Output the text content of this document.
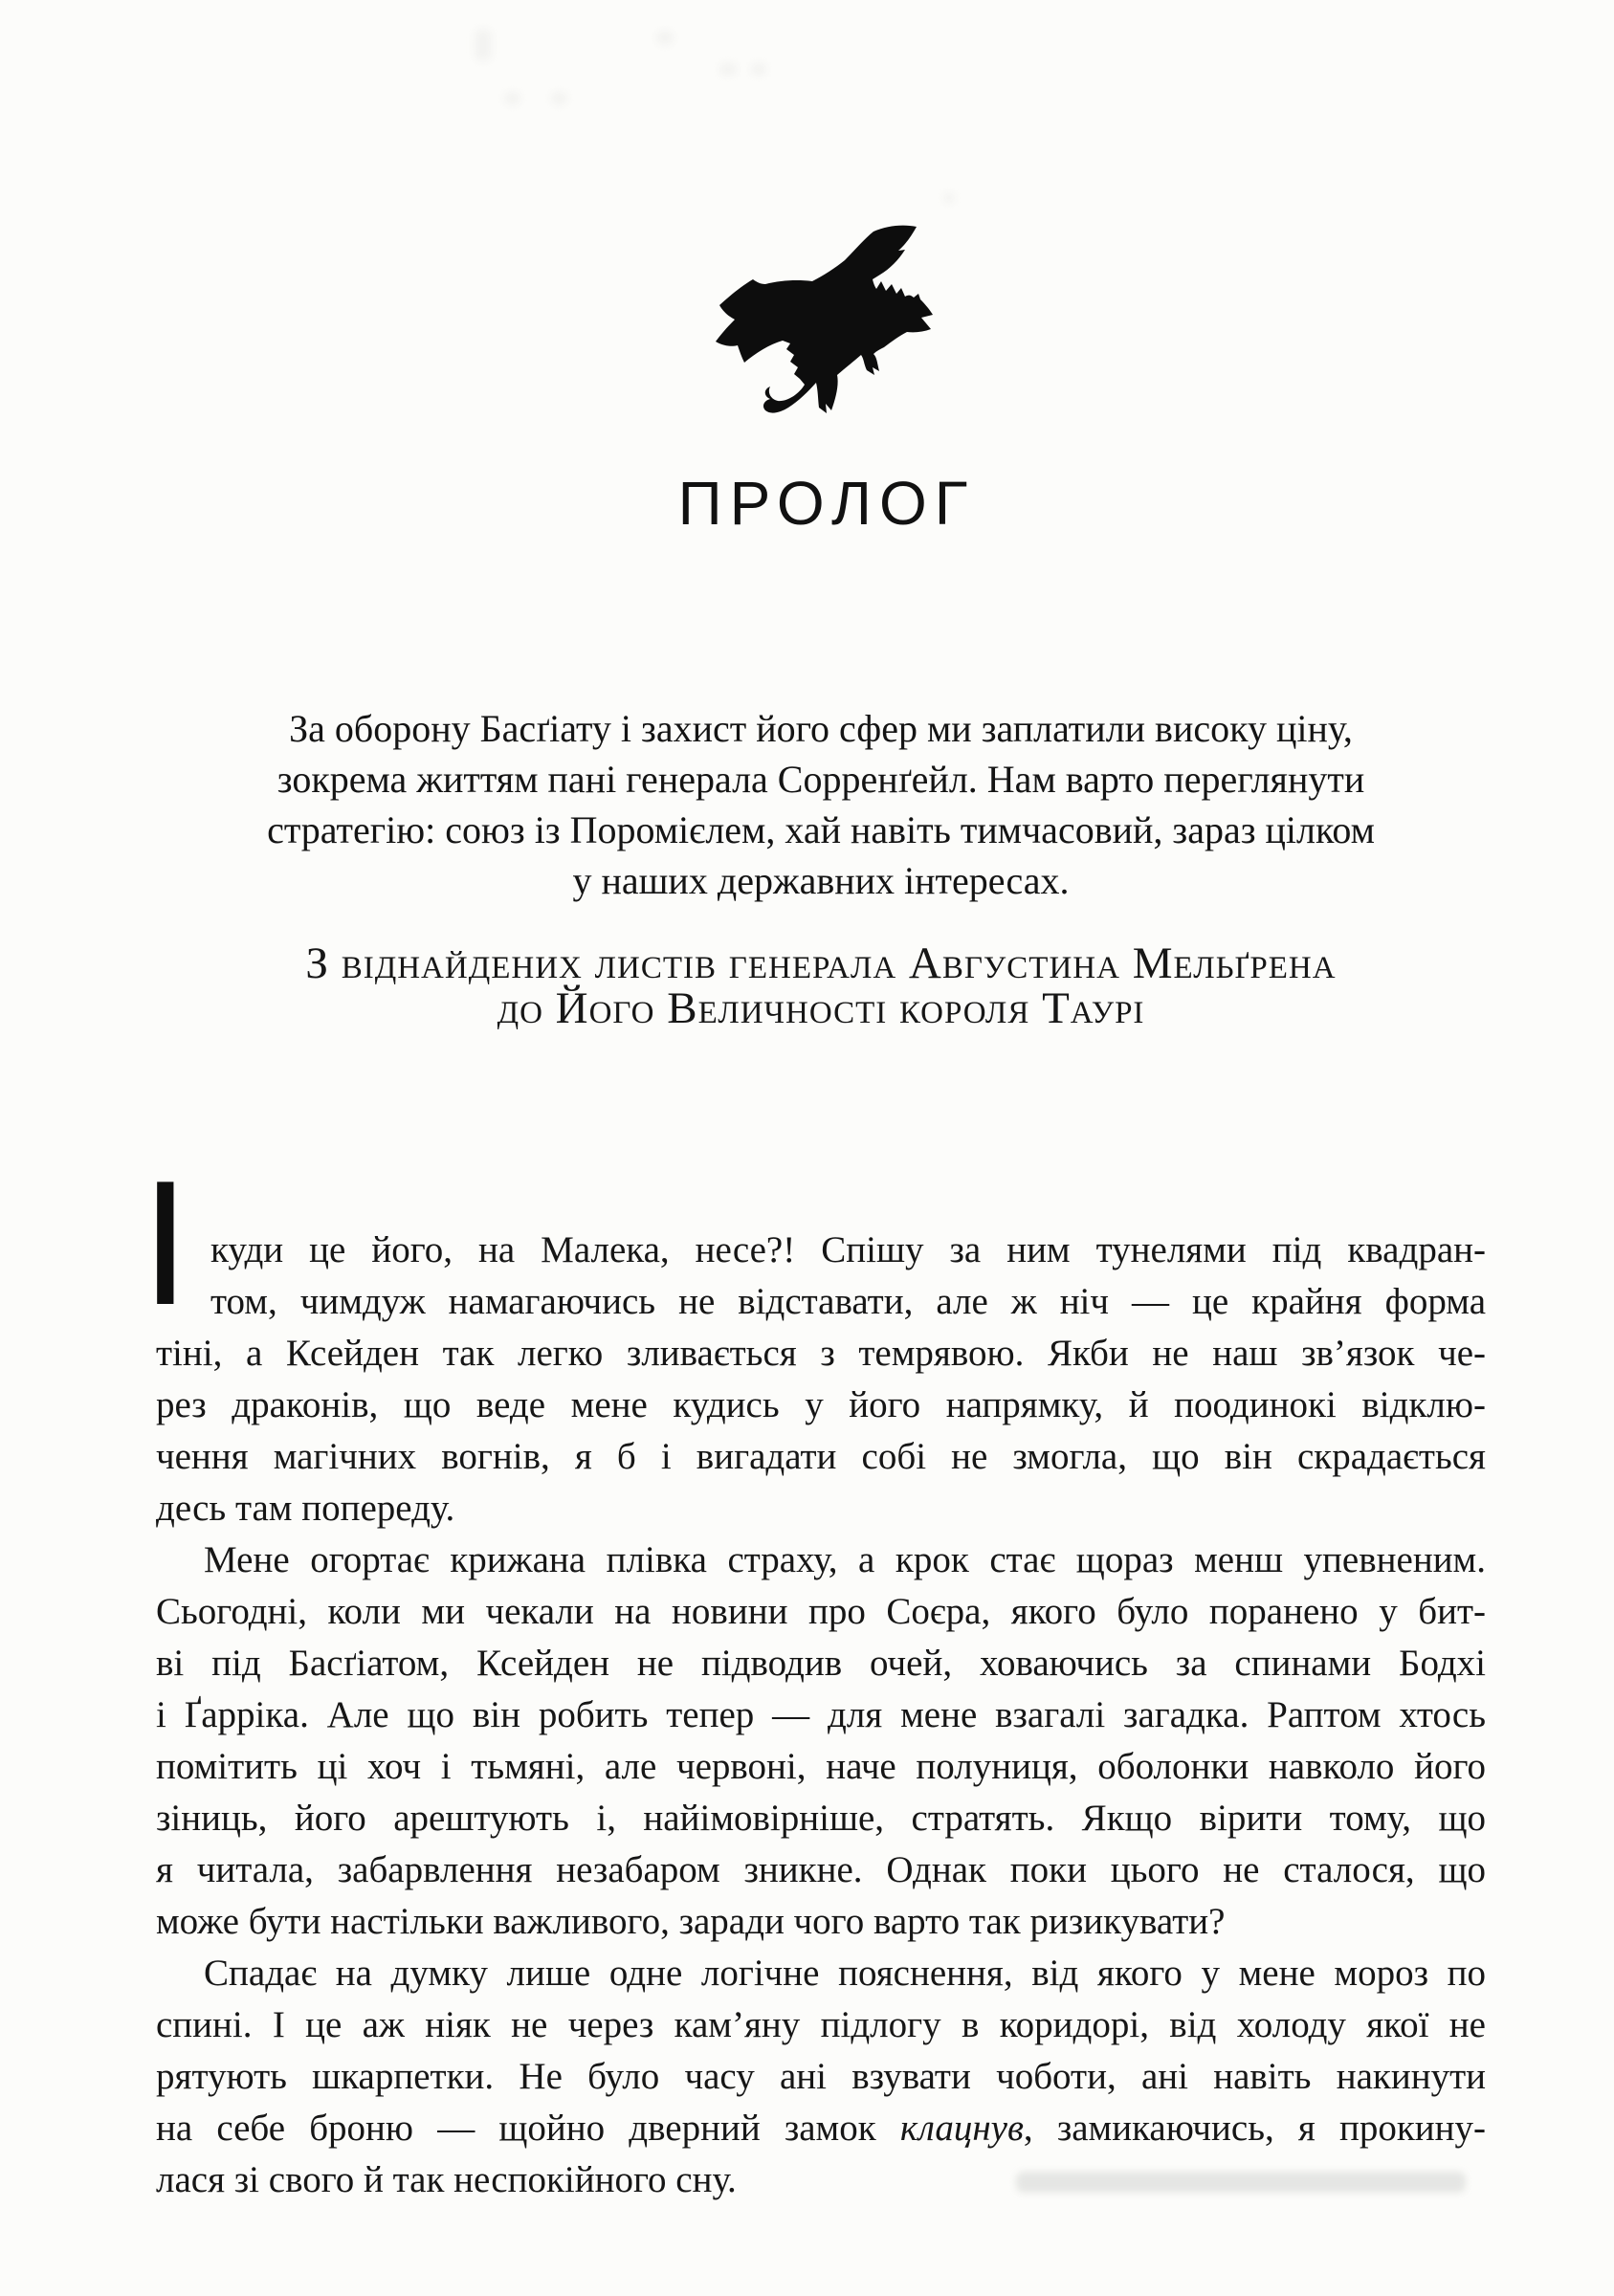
ПРОЛОГ
За оборону Басґіату і захист його сфер ми заплатили високу ціну,
зокрема життям пані генерала Сорренґейл. Нам варто переглянути
стратегію: союз із Поромієлем, хай навіть тимчасовий, зараз цілком
у наших державних інтересах.
З віднайдених листів генерала Августина Мельґрена
до Його Величності короля Таурі
І куди це його, на Малека, несе?! Спішу за ним тунелями під квадран-
том, чимдуж намагаючись не відставати, але ж ніч — це крайня форма
тіні, а Ксейден так легко зливається з темрявою. Якби не наш зв’язок че-
рез драконів, що веде мене кудись у його напрямку, й поодинокі відклю-
чення магічних вогнів, я б і вигадати собі не змогла, що він скрадається
десь там попереду.
Мене огортає крижана плівка страху, а крок стає щораз менш упевненим.
Сьогодні, коли ми чекали на новини про Соєра, якого було поранено у бит-
ві під Басґіатом, Ксейден не підводив очей, ховаючись за спинами Бодхі
і Ґарріка. Але що він робить тепер — для мене взагалі загадка. Раптом хтось
помітить ці хоч і тьмяні, але червоні, наче полуниця, оболонки навколо його
зіниць, його арештують і, найімовірніше, стратять. Якщо вірити тому, що
я читала, забарвлення незабаром зникне. Однак поки цього не сталося, що
може бути настільки важливого, заради чого варто так ризикувати?
Спадає на думку лише одне логічне пояснення, від якого у мене мороз по
спині. І це аж ніяк не через кам’яну підлогу в коридорі, від холоду якої не
рятують шкарпетки. Не було часу ані взувати чоботи, ані навіть накинути
на себе броню — щойно дверний замок клацнув, замикаючись, я прокину-
лася зі свого й так неспокійного сну.
